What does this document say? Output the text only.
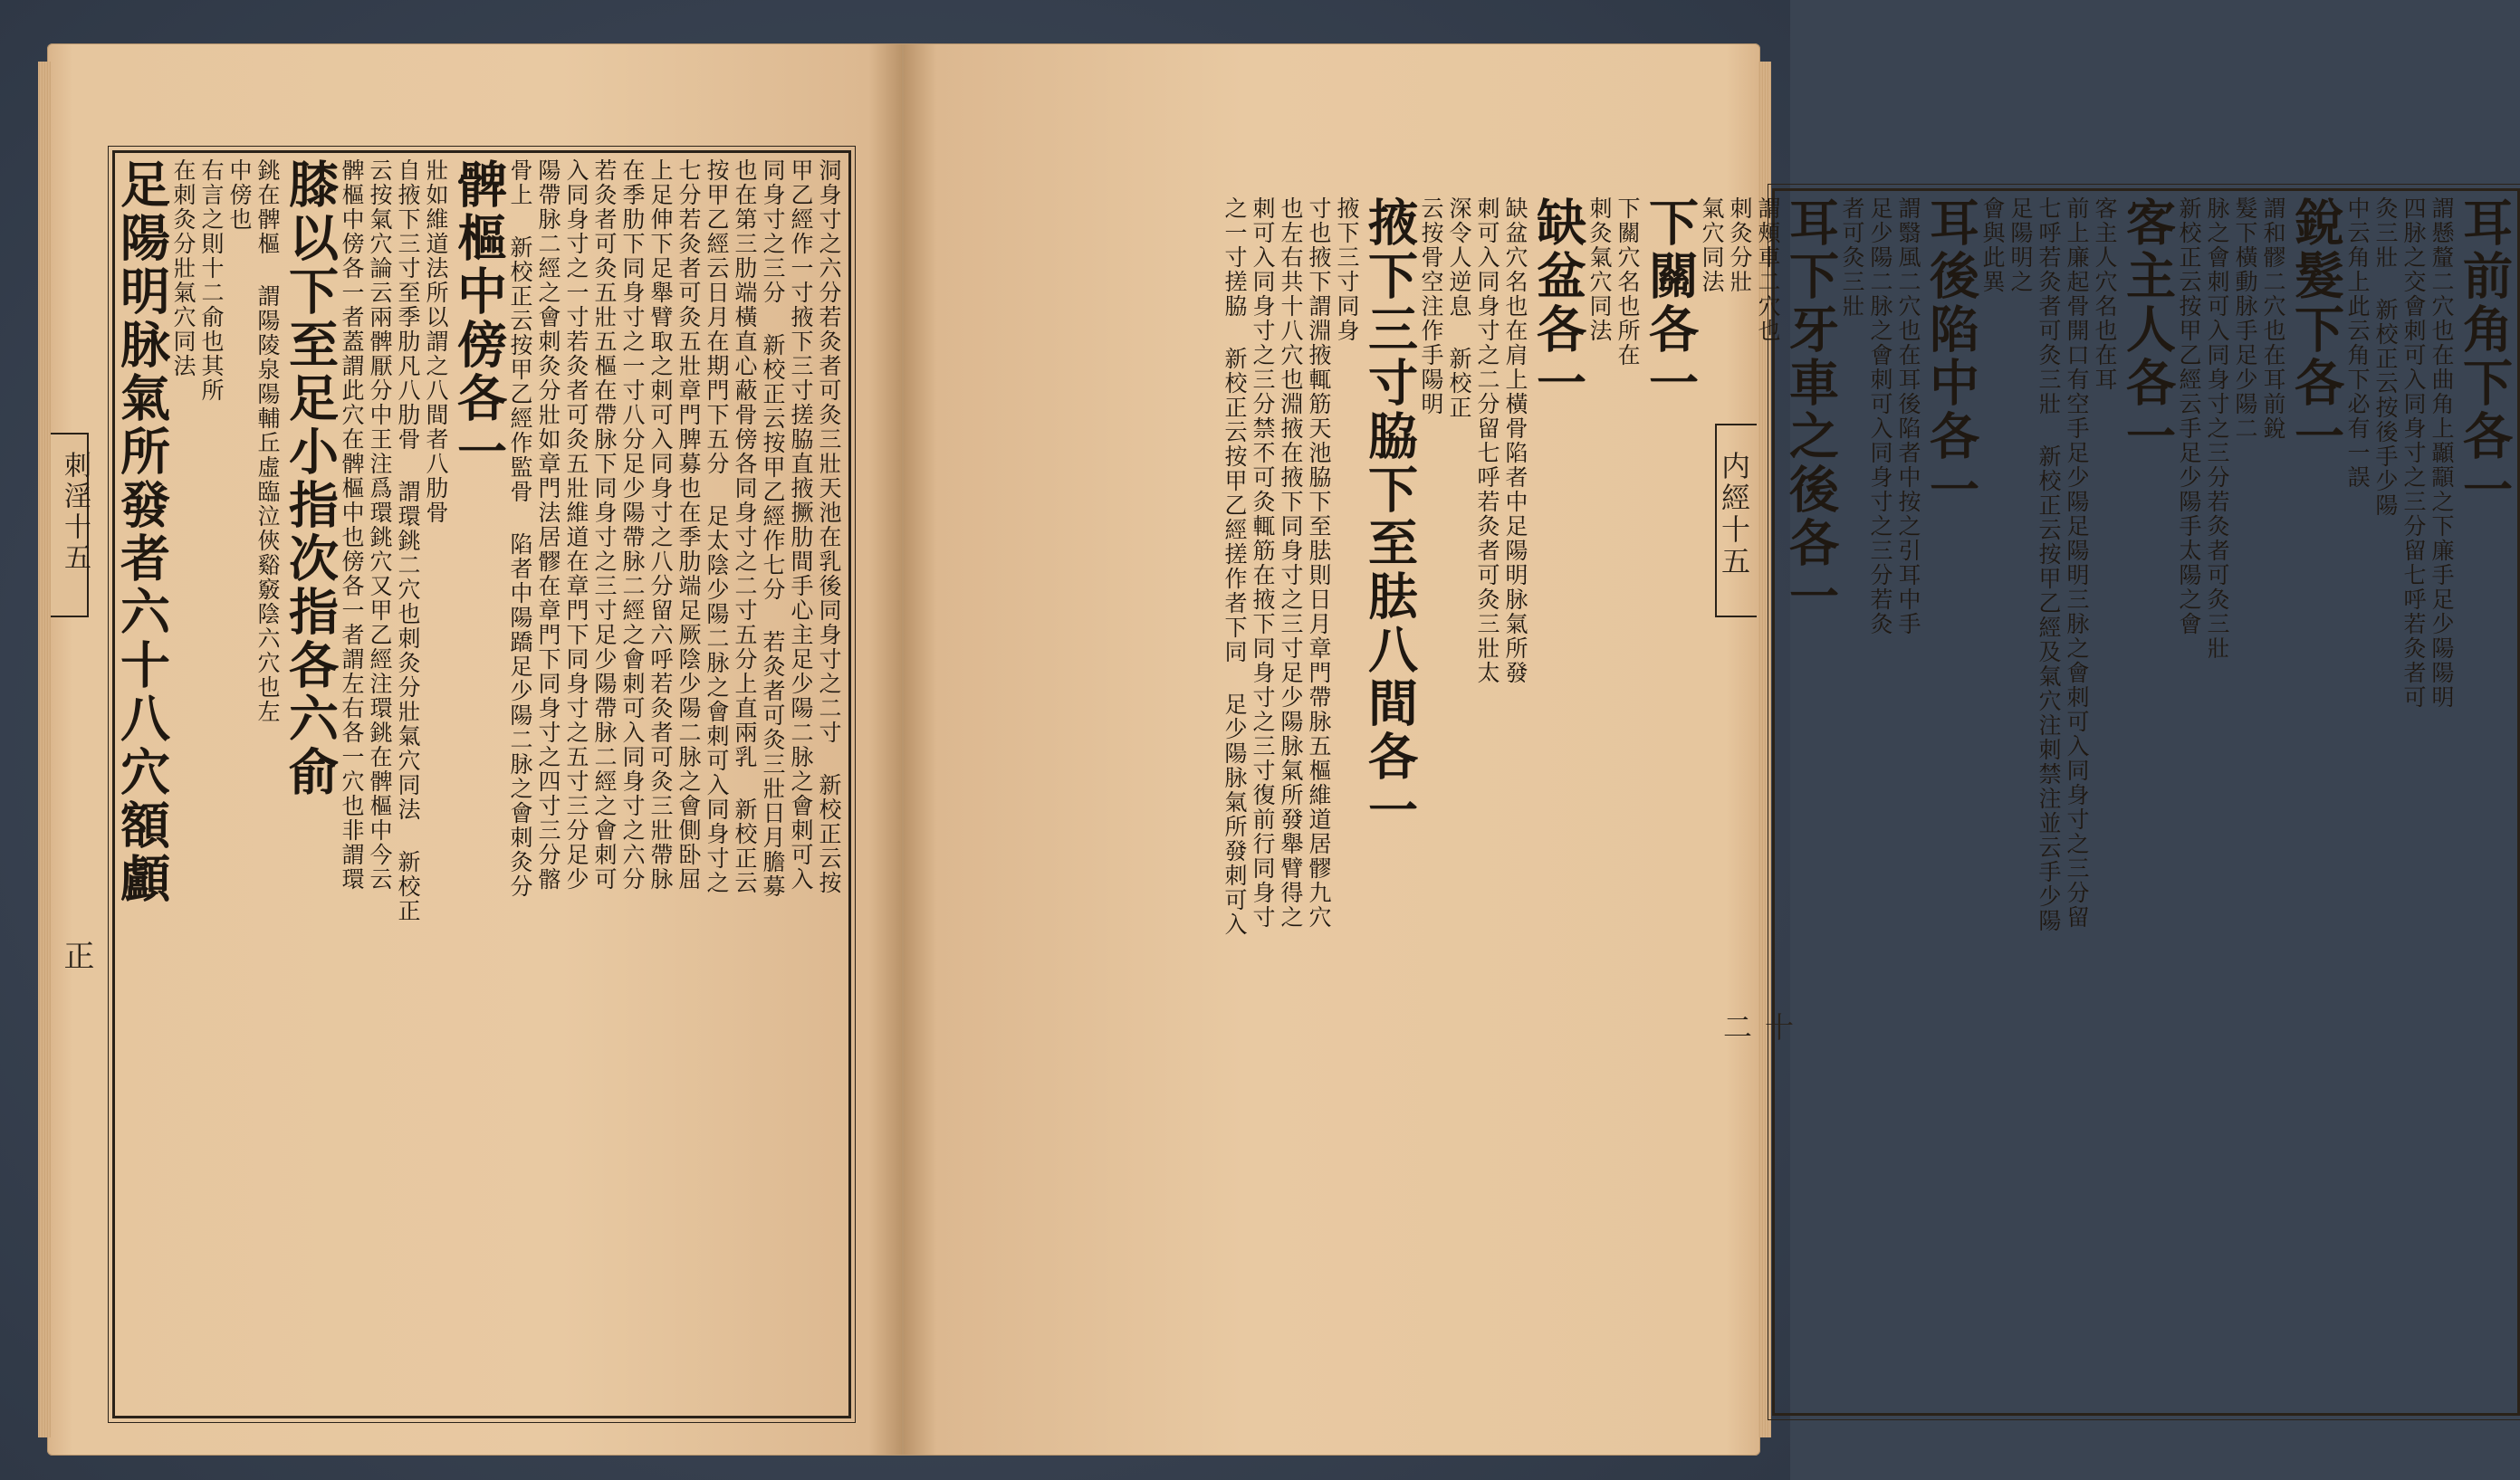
刺淫十五
正
洞身寸之六分若灸者可灸三壯天池在乳後同身寸之二寸 新校正云按
甲乙經作一寸掖下三寸搓脇直掖撅肋間手心主足少陽二脉之會刺可入
同身寸之三分 新校正云按甲乙經作七分 若灸者可灸三壯日月膽募
也在第三肋端橫直心蔽骨傍各同身寸之二寸五分上直兩乳 新校正云
按甲乙經云日月在期門下五分 足太陰少陽二脉之會刺可入同身寸之
七分若灸者可灸五壯章門脾募也在季肋端足厥陰少陽二脉之會側卧屈
上足伸下足舉臂取之刺可入同身寸之八分留六呼若灸者可灸三壯帶脉
在季肋下同身寸之一寸八分足少陽帶脉二經之會刺可入同身寸之六分
若灸者可灸五壯五樞在帶脉下同身寸之三寸足少陽帶脉二經之會刺可
入同身寸之一寸若灸者可灸五壯維道在章門下同身寸之五寸三分足少
陽帶脉二經之會刺灸分壯如章門法居髎在章門下同身寸之四寸三分髂
骨上 新校正云按甲乙經作監骨 陷者中陽蹻足少陽二脉之會刺灸分
髀樞中傍各一
壯如維道法所以謂之八間者八肋骨
自掖下三寸至季肋凡八肋骨 謂環銚二穴也刺灸分壯氣穴同法 新校正
云按氣穴論云兩髀厭分中王注爲環銚穴又甲乙經注環銚在髀樞中今云
髀樞中傍各一者蓋謂此穴在髀樞中也傍各一者謂左右各一穴也非謂環
膝以下至足小指次指各六俞
銚在髀樞 謂陽陵泉陽輔丘虛臨泣俠谿竅陰六穴也左
中傍也
右言之則十二俞也其所
在刺灸分壯氣穴同法
足陽明脉氣所發者六十八穴額顱	内經十五
十二
耳前角下各一
謂懸釐二穴也在曲角上顳顬之下廉手足少陽陽明
四脉之交會刺可入同身寸之三分留七呼若灸者可
灸三壯 新校正云按後手少陽
中云角上此云角下必有一誤
銳髮下各一
謂和髎二穴也在耳前銳
髮下橫動脉手足少陽二
脉之會刺可入同身寸之三分若灸者可灸三壯
新校正云按甲乙經云手足少陽手太陽之會
客主人各一
客主人穴名也在耳
前上廉起骨開口有空手足少陽足陽明三脉之會刺可入同身寸之三分留
七呼若灸者可灸三壯 新校正云按甲乙經及氣穴注刺禁注並云手少陽
足陽明之
會與此異
耳後陷中各一
謂翳風二穴也在耳後陷者中按之引耳中手
足少陽二脉之會刺可入同身寸之三分若灸
者可灸三壯
耳下牙車之後各一
謂頰車二穴也
刺灸分壯
氣穴同法
下關各一
下關穴名也所在
刺灸氣穴同法
缺盆各一
缺盆穴名也在肩上橫骨陷者中足陽明脉氣所發
刺可入同身寸之二分留七呼若灸者可灸三壯太
深令人逆息 新校正
云按骨空注作手陽明
掖下三寸脇下至胠八間各一
掖下三寸同身
寸也掖下謂淵掖輒筋天池脇下至胠則日月章門帶脉五樞維道居髎九穴
也左右共十八穴也淵掖在掖下同身寸之三寸足少陽脉氣所發舉臂得之
刺可入同身寸之三分禁不可灸輒筋在掖下同身寸之三寸復前行同身寸
之一寸搓脇 新校正云按甲乙經搓作者下同 足少陽脉氣所發刺可入
